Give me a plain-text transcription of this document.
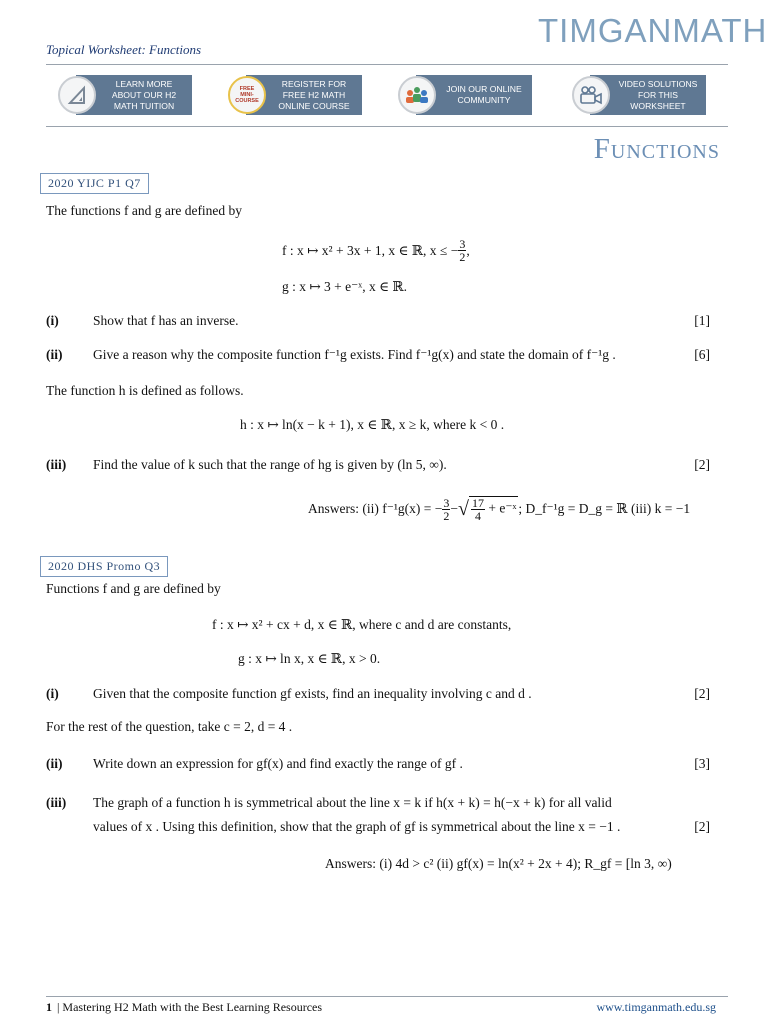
Topical Worksheet: Functions
TIMGANMATH
LEARN MORE
ABOUT OUR H2
MATH TUITION
FREE
MINI-COURSE
REGISTER FOR
FREE H2 MATH
ONLINE COURSE
JOIN OUR ONLINE
COMMUNITY
VIDEO SOLUTIONS
FOR THIS
WORKSHEET
Functions
2020 YIJC P1 Q7
The functions f and g are defined by
f : x ↦ x² + 3x + 1, x ∈ ℝ, x ≤ − $\frac{3}{2}$ ,
g : x ↦ 3 + e⁻ˣ, x ∈ ℝ.
(i)	Show that f has an inverse.	[1]
(ii) Give a reason why the composite function f⁻¹g exists. Find f⁻¹g(x) and state the domain of f⁻¹g .	[6]
The function h is defined as follows.
h : x ↦ ln(x − k + 1), x ∈ ℝ, x ≥ k, where k < 0 .
(iii) Find the value of k such that the range of hg is given by (ln 5, ∞).	[2]
Answers: (ii) f⁻¹g(x) = − $\frac{3}{2}$ − √ $\frac{17}{4}$ + e⁻ˣ ; D_f⁻¹g = D_g = ℝ (iii) k = −1
2020 DHS Promo Q3
Functions f and g are defined by
f : x ↦ x² + cx + d, x ∈ ℝ, where c and d are constants,
g : x ↦ ln x, x ∈ ℝ, x > 0.
(i)	Given that the composite function gf exists, find an inequality involving c and d .	[2]
For the rest of the question, take c = 2, d = 4 .
(ii) Write down an expression for gf(x) and find exactly the range of gf .	[3]
(iii) The graph of a function h is symmetrical about the line x = k if h(x + k) = h(−x + k) for all valid
values of x . Using this definition, show that the graph of gf is symmetrical about the line x = −1 .	[2]
Answers: (i) 4d > c² (ii) gf(x) = ln(x² + 2x + 4); R_gf = [ln 3, ∞)
1 | Mastering H2 Math with the Best Learning Resources	www.timganmath.edu.sg
